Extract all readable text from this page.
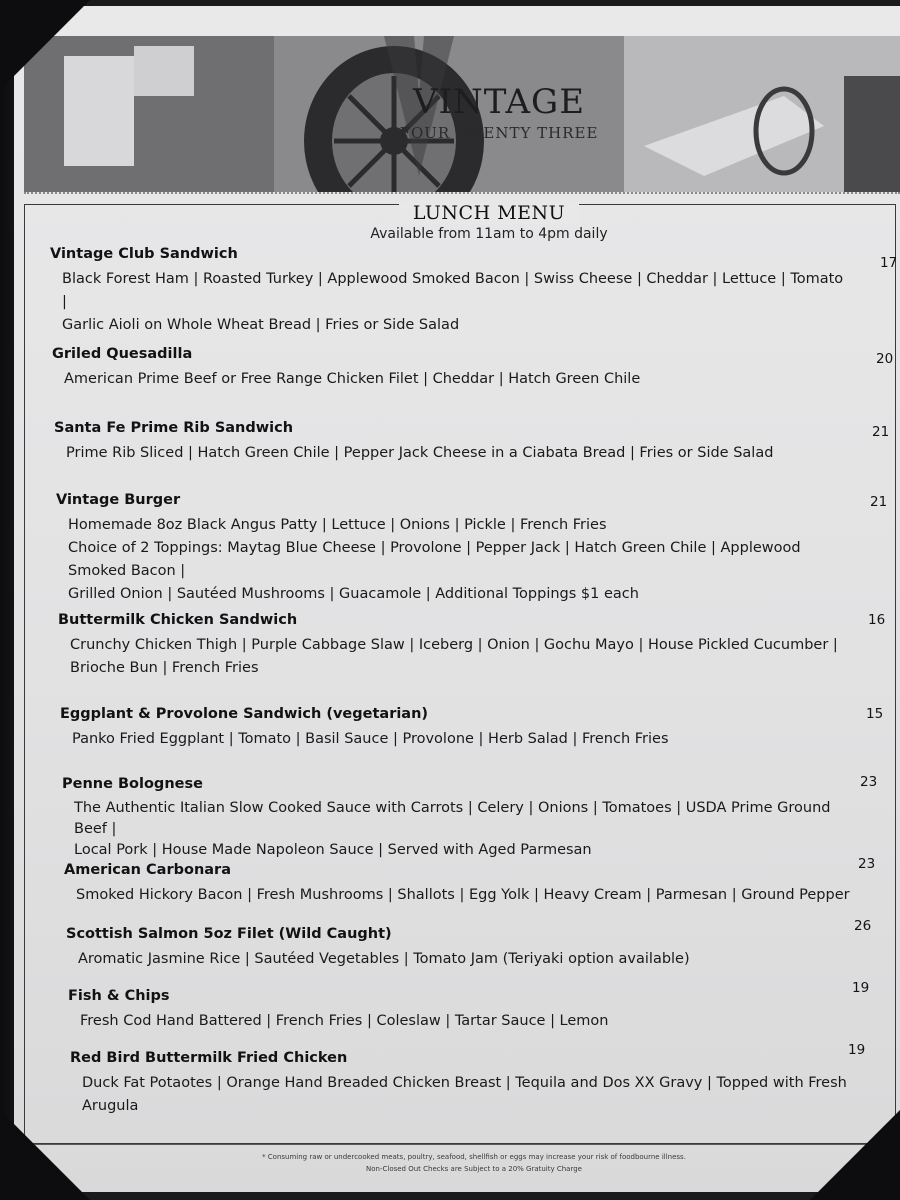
VINTAGE
FOUR TWENTY THREE
LUNCH MENU
Available from 11am to 4pm daily
Vintage Club Sandwich
Black Forest Ham | Roasted Turkey | Applewood Smoked Bacon | Swiss Cheese | Cheddar | Lettuce | Tomato |
Garlic Aioli on Whole Wheat Bread | Fries or Side Salad
17
Griled Quesadilla
American Prime Beef or Free Range Chicken Filet | Cheddar | Hatch Green Chile
20
Santa Fe Prime Rib Sandwich
Prime Rib Sliced | Hatch Green Chile | Pepper Jack Cheese in a Ciabata Bread | Fries or Side Salad
21
Vintage Burger
Homemade 8oz Black Angus Patty | Lettuce | Onions | Pickle | French Fries
Choice of 2 Toppings: Maytag Blue Cheese | Provolone | Pepper Jack | Hatch Green Chile | Applewood Smoked Bacon |
Grilled Onion | Sautéed Mushrooms | Guacamole | Additional Toppings $1 each
21
Buttermilk Chicken Sandwich
Crunchy Chicken Thigh | Purple Cabbage Slaw | Iceberg | Onion | Gochu Mayo | House Pickled Cucumber |
Brioche Bun | French Fries
16
Eggplant & Provolone Sandwich (vegetarian)
Panko Fried Eggplant | Tomato | Basil Sauce | Provolone | Herb Salad | French Fries
15
Penne Bolognese
The Authentic Italian Slow Cooked Sauce with Carrots | Celery | Onions | Tomatoes | USDA Prime Ground Beef |
Local Pork | House Made Napoleon Sauce | Served with Aged Parmesan
23
American Carbonara
Smoked Hickory Bacon | Fresh Mushrooms | Shallots | Egg Yolk | Heavy Cream | Parmesan | Ground Pepper
23
Scottish Salmon 5oz Filet (Wild Caught)
Aromatic Jasmine Rice | Sautéed Vegetables | Tomato Jam (Teriyaki option available)
26
Fish & Chips
Fresh Cod Hand Battered | French Fries | Coleslaw | Tartar Sauce | Lemon
19
Red Bird Buttermilk Fried Chicken
Duck Fat Potaotes | Orange Hand Breaded Chicken Breast | Tequila and Dos XX Gravy | Topped with Fresh Arugula
19
* Consuming raw or undercooked meats, poultry, seafood, shellfish or eggs may increase your risk of foodbourne illness.
Non-Closed Out Checks are Subject to a 20% Gratuity Charge
